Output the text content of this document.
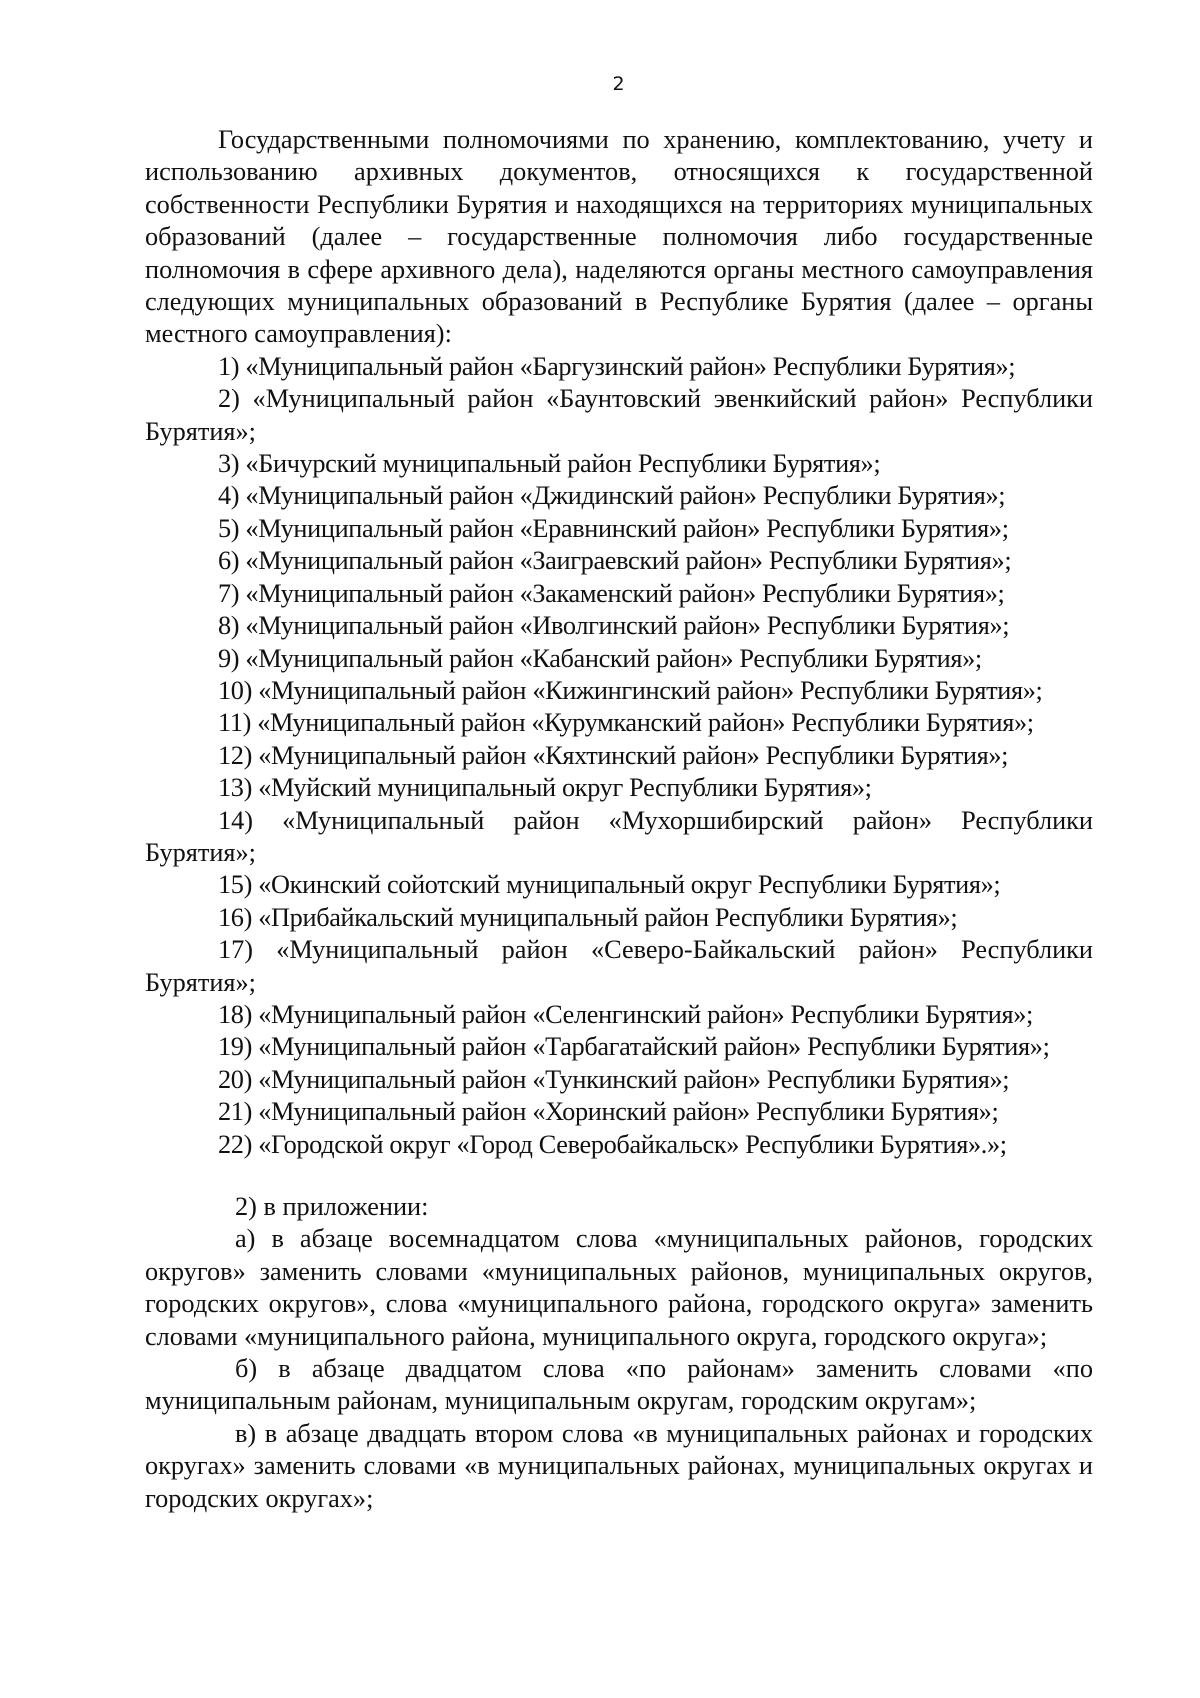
2

Государственными полномочиями по хранению, комплектованию, учету и использованию архивных документов, относящихся к государственной собственности Республики Бурятия и находящихся на территориях муниципальных образований (далее – государственные полномочия либо государственные полномочия в сфере архивного дела), наделяются органы местного самоуправления следующих муниципальных образований в Республике Бурятия (далее – органы местного самоуправления):

1) «Муниципальный район «Баргузинский район» Республики Бурятия»;

2) «Муниципальный район «Баунтовский эвенкийский район» Республики Бурятия»;

3) «Бичурский муниципальный район Республики Бурятия»;

4) «Муниципальный район «Джидинский район» Республики Бурятия»;

5) «Муниципальный район «Еравнинский район» Республики Бурятия»;

6) «Муниципальный район «Заиграевский район» Республики Бурятия»;

7) «Муниципальный район «Закаменский район» Республики Бурятия»;

8) «Муниципальный район «Иволгинский район» Республики Бурятия»;

9) «Муниципальный район «Кабанский район» Республики Бурятия»;

10) «Муниципальный район «Кижингинский район» Республики Бурятия»;

11) «Муниципальный район «Курумканский район» Республики Бурятия»;

12) «Муниципальный район «Кяхтинский район» Республики Бурятия»;

13) «Муйский муниципальный округ Республики Бурятия»;

14) «Муниципальный район «Мухоршибирский район» Республики Бурятия»;

15) «Окинский сойотский муниципальный округ Республики Бурятия»;

16) «Прибайкальский муниципальный район Республики Бурятия»;

17) «Муниципальный район «Северо-Байкальский район» Республики Бурятия»;

18) «Муниципальный район «Селенгинский район» Республики Бурятия»;

19) «Муниципальный район «Тарбагатайский район» Республики Бурятия»;

20) «Муниципальный район «Тункинский район» Республики Бурятия»;

21) «Муниципальный район «Хоринский район» Республики Бурятия»;

22) «Городской округ «Город Северобайкальск» Республики Бурятия».»;

2) в приложении:

а) в абзаце восемнадцатом слова «муниципальных районов, городских округов» заменить словами «муниципальных районов, муниципальных округов, городских округов», слова «муниципального района, городского округа» заменить словами «муниципального района, муниципального округа, городского округа»;

б) в абзаце двадцатом слова «по районам» заменить словами «по муниципальным районам, муниципальным округам, городским округам»;

в) в абзаце двадцать втором слова «в муниципальных районах и городских округах» заменить словами «в муниципальных районах, муниципальных округах и городских округах»;
